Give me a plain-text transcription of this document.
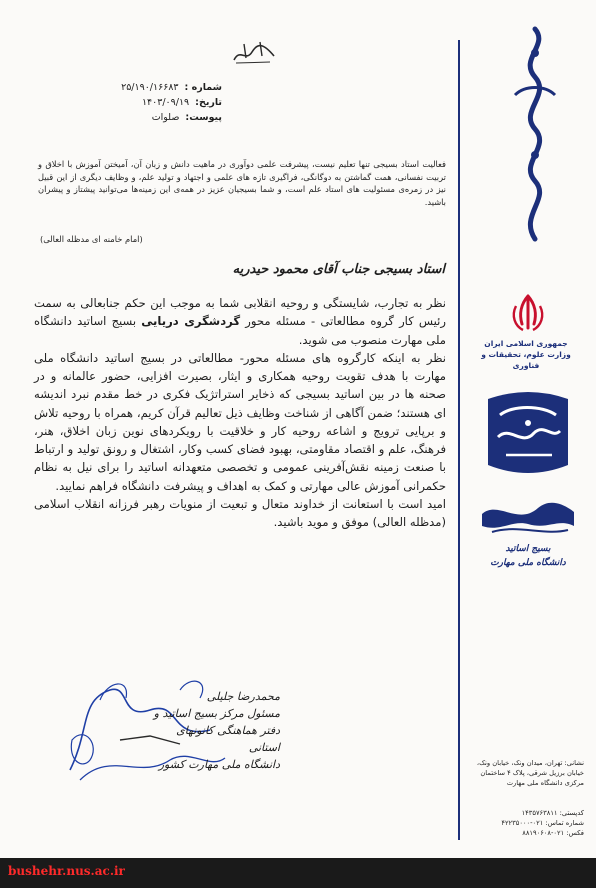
شماره :
۲۵/۱۹۰/۱۶۶۸۳
تاریخ:
۱۴۰۳/۰۹/۱۹
پیوست:
صلوات
فعالیت استاد بسیجی تنها تعلیم نیست، پیشرفت علمی دوآوری در ماهیت دانش و زبان آن، آمیختن آموزش با اخلاق و تربیت نفسانی، همت گماشتن به دوگانگی، فراگیری تازه های علمی و اجتهاد و تولید علم، و وظایف دیگری از این قبیل نیز در زمره‌ی مسئولیت های استاد علم است، و شما بسیجیان عزیز در همه‌ی این زمینه‌ها می‌توانید پیشتاز و پیشران باشید.
(امام خامنه ای مدظله العالی)
استاد بسیجی جناب آقای محمود حیدریه

نظر به تجارب، شایستگی و روحیه انقلابی شما به موجب این حکم جنابعالی به سمت رئیس کار گروه مطالعاتی - مسئله محور گردشگری دریایی بسیج اساتید دانشگاه ملی مهارت منصوب می شوید.

نظر به اینکه کارگروه های مسئله محور- مطالعاتی در بسیج اساتید دانشگاه ملی مهارت با هدف تقویت روحیه همکاری و ایثار، بصیرت افزایی، حضور عالمانه و در صحنه ها در بین اساتید بسیجی که ذخایر استراتژیک فکری در خط مقدم نبرد اندیشه ای هستند؛ ضمن آگاهی از شناخت وظایف ذیل تعالیم قرآن کریم، همراه با روحیه تلاش و برپایی ترویج و اشاعه روحیه کار و خلاقیت با رویکردهای نوین زبان اخلاق، هنر، فرهنگ، علم و اقتصاد مقاومتی، بهبود فضای کسب وکار، اشتغال و رونق تولید و ارتباط با صنعت زمینه نقش‌آفرینی عمومی و تخصصی متعهدانه اساتید را برای نیل به نظام حکمرانی آموزش عالی مهارتی و کمک به اهداف و پیشرفت دانشگاه فراهم نمایید.

امید است با استعانت از خداوند متعال و تبعیت از منویات رهبر فرزانه انقلاب اسلامی (مدظله العالی) موفق و موید باشید.

محمدرضا جلیلی
مسئول مرکز بسیج اساتید و دفتر هماهنگی کانونهای استانی
دانشگاه ملی مهارت کشور
جمهوری اسلامی ایران
وزارت علوم، تحقیقات و فناوری
بسیج اساتید
دانشگاه ملی مهارت
نشانی: تهران، میدان ونک، خیابان ونک، خیابان برزیل شرقی، پلاک ۴ ساختمان مرکزی دانشگاه ملی مهارت
کدپستی: ۱۴۳۵۷۶۳۸۱۱
شماره تماس: ۰۲۱-۴۲۲۳۵۰۰۰
فکس: ۰۲۱-۸۸۱۹۰۶۰۸
bushehr.nus.ac.ir
